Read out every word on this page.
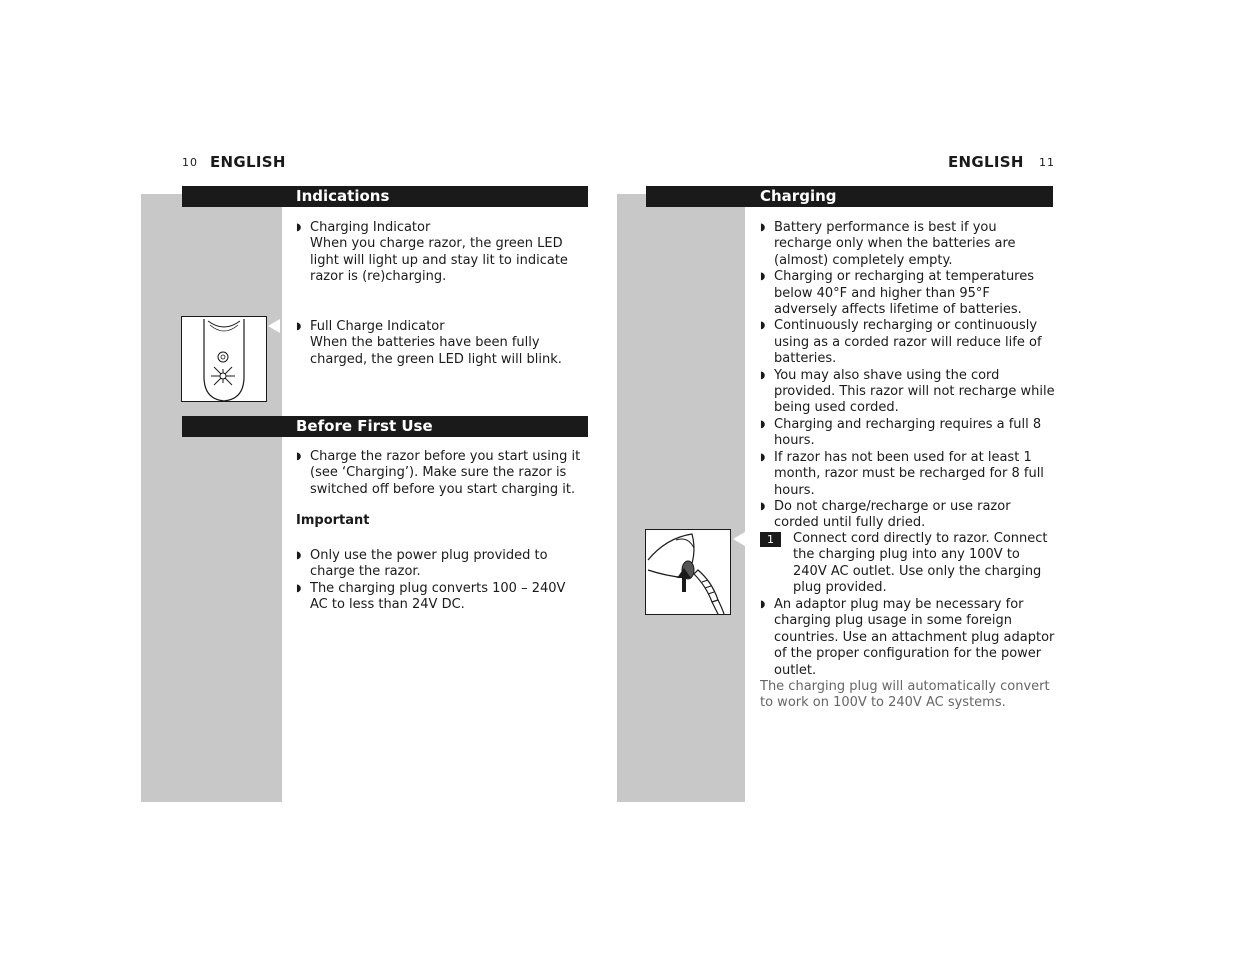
10 ENGLISH
Indications
◗ Charging Indicator
When you charge razor, the green LED light will light up and stay lit to indicate razor is (re)charging.
◗ Full Charge Indicator
When the batteries have been fully charged, the green LED light will blink.
Before First Use
◗ Charge the razor before you start using it (see ‘Charging’). Make sure the razor is switched off before you start charging it.
Important
◗ Only use the power plug provided to charge the razor.
◗ The charging plug converts 100 – 240V AC to less than 24V DC.
ENGLISH 11
Charging
◗ Battery performance is best if you recharge only when the batteries are (almost) completely empty.
◗ Charging or recharging at temperatures below 40°F and higher than 95°F adversely affects lifetime of batteries.
◗ Continuously recharging or continuously using as a corded razor will reduce life of batteries.
◗ You may also shave using the cord provided. This razor will not recharge while being used corded.
◗ Charging and recharging requires a full 8 hours.
◗ If razor has not been used for at least 1 month, razor must be recharged for 8 full hours.
◗ Do not charge/recharge or use razor corded until fully dried.
1	Connect cord directly to razor. Connect the charging plug into any 100V to 240V AC outlet. Use only the charging plug provided.
◗ An adaptor plug may be necessary for charging plug usage in some foreign countries. Use an attachment plug adaptor of the proper configuration for the power outlet.
The charging plug will automatically convert to work on 100V to 240V AC systems.
